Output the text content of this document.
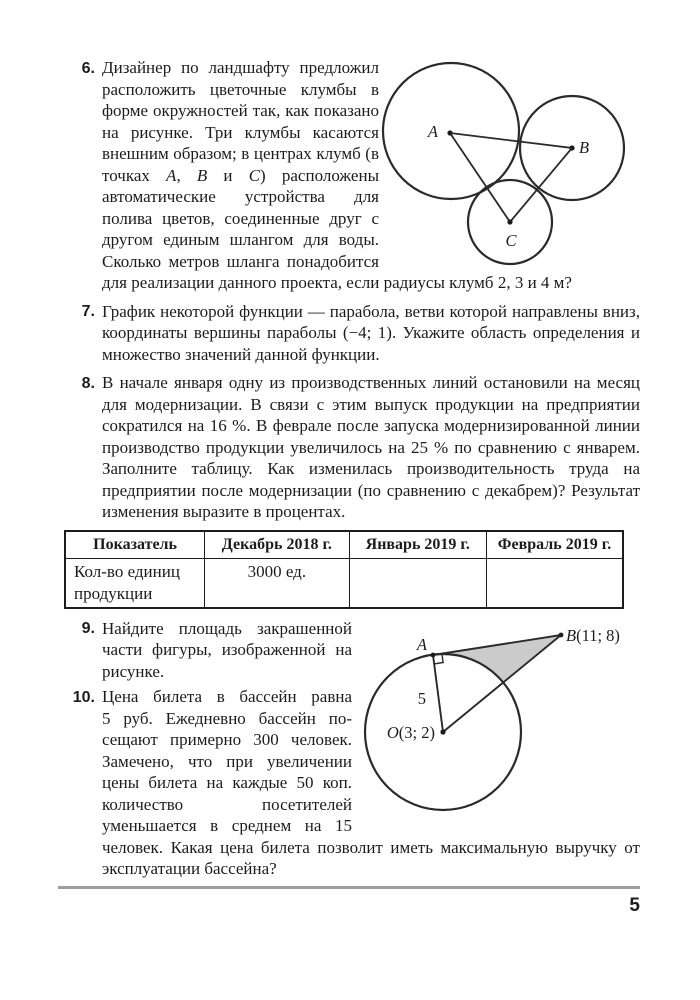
6.
A
B
C
Дизайнер по ландшафту предложил расположить цветочные клумбы в форме окружностей так, как показано на рисунке. Три клумбы касаются внешним образом; в центрах клумб (в точках A, B и C) расположены автоматические устройства для полива цветов, соединенные друг с другом единым шлангом для воды. Сколько метров шланга понадобится для реализации данного проекта, если радиусы клумб 2, 3 и 4 м?
7. График некоторой функции — парабола, ветви которой направлены вниз, координаты вершины параболы (−4; 1). Укажите область определения и множество значений данной функции.
8. В начале января одну из производственных линий остановили на месяц для модернизации. В связи с этим выпуск продукции на предприятии сократился на 16 %. В феврале после запуска модернизированной линии производство продукции увеличилось на 25 % по сравнению с январем. Заполните таблицу. Как изменилась производительность труда на предприятии после модернизации (по сравнению с декабрем)? Результат изменения выразите в процентах.
Показатель	Декабрь 2018 г.	Январь 2019 г.	Февраль 2019 г.
Кол-во единиц продукции	3000 ед.		
A	B(11; 8)
5
O(3; 2)
9. Найдите площадь закрашенной части фигуры, изображенной на рисунке.
10. Цена билета в бассейн равна 5 руб. Ежедневно бассейн посещают примерно 300 человек. Замечено, что при увеличении цены билета на каждые 50 коп. количество посетителей уменьшается в среднем на 15 человек. Какая цена билета позволит иметь максимальную выручку от эксплуатации бассейна?
5
